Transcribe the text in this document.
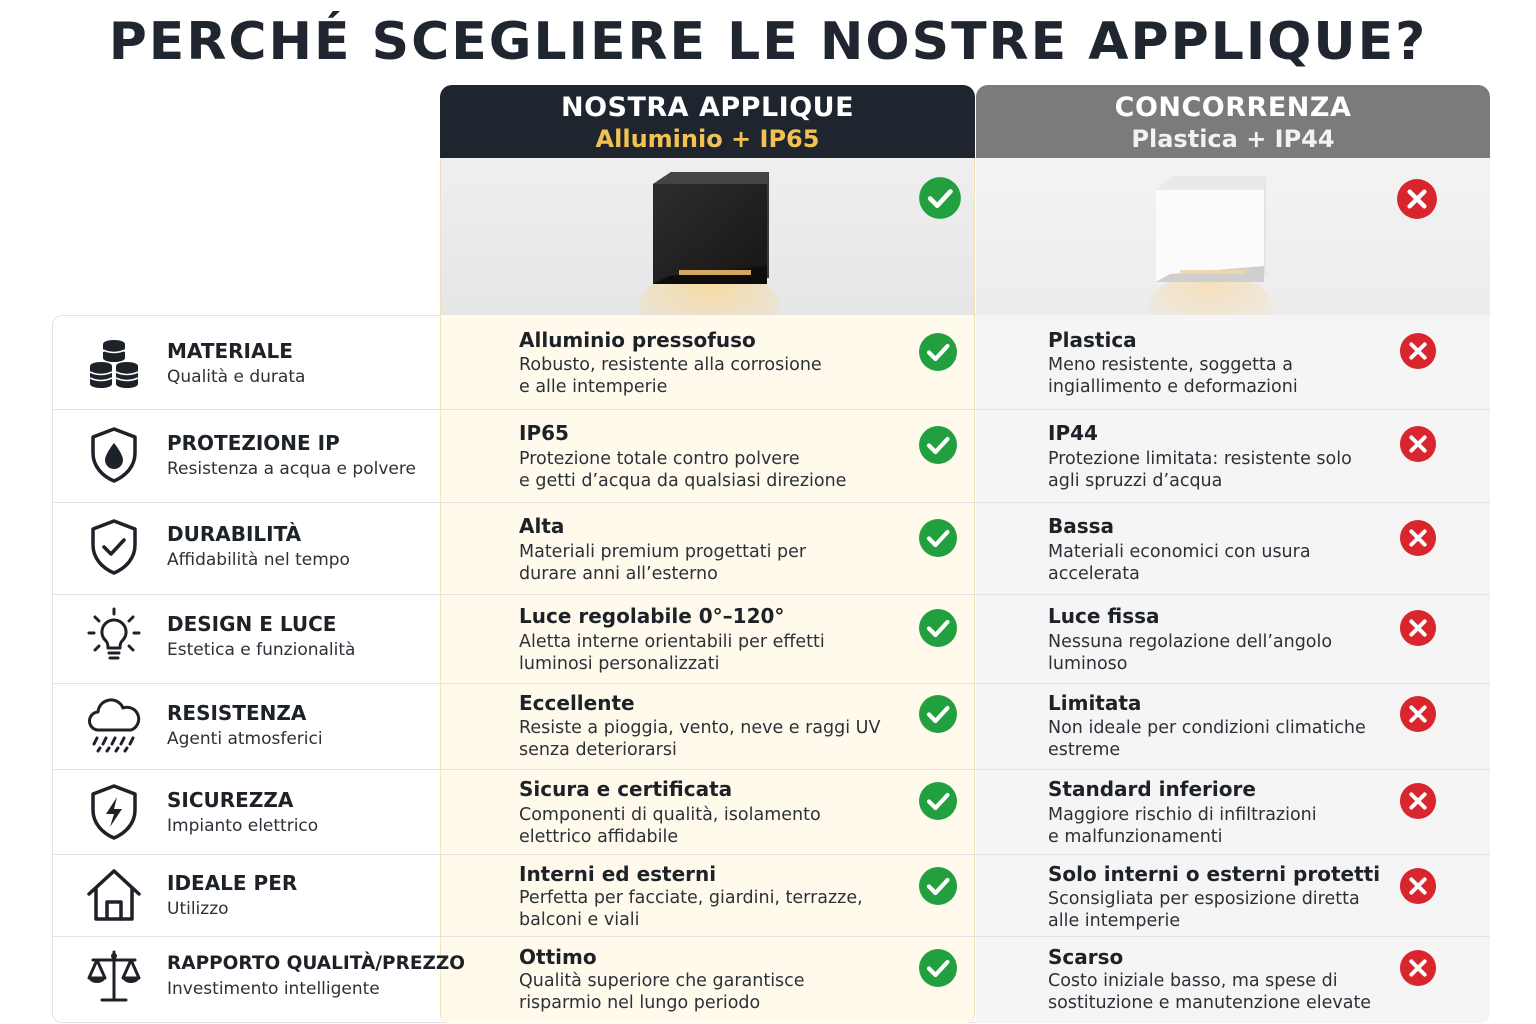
PERCHÉ SCEGLIERE LE NOSTRE APPLIQUE?
NOSTRA APPLIQUE
Alluminio + IP65
CONCORRENZA
Plastica + IP44
MATERIALE
Qualità e durata
Alluminio pressofuso
Robusto, resistente alla corrosione
e alle intemperie
Plastica
Meno resistente, soggetta a
ingiallimento e deformazioni
PROTEZIONE IP
Resistenza a acqua e polvere
IP65
Protezione totale contro polvere
e getti d’acqua da qualsiasi direzione
IP44
Protezione limitata: resistente solo
agli spruzzi d’acqua
DURABILITÀ
Affidabilità nel tempo
Alta
Materiali premium progettati per
durare anni all’esterno
Bassa
Materiali economici con usura
accelerata
DESIGN E LUCE
Estetica e funzionalità
Luce regolabile 0°–120°
Aletta interne orientabili per effetti
luminosi personalizzati
Luce fissa
Nessuna regolazione dell’angolo
luminoso
RESISTENZA
Agenti atmosferici
Eccellente
Resiste a pioggia, vento, neve e raggi UV
senza deteriorarsi
Limitata
Non ideale per condizioni climatiche
estreme
SICUREZZA
Impianto elettrico
Sicura e certificata
Componenti di qualità, isolamento
elettrico affidabile
Standard inferiore
Maggiore rischio di infiltrazioni
e malfunzionamenti
IDEALE PER
Utilizzo
Interni ed esterni
Perfetta per facciate, giardini, terrazze,
balconi e viali
Solo interni o esterni protetti
Sconsigliata per esposizione diretta
alle intemperie
RAPPORTO QUALITÀ/PREZZO
Investimento intelligente
Ottimo
Qualità superiore che garantisce
risparmio nel lungo periodo
Scarso
Costo iniziale basso, ma spese di
sostituzione e manutenzione elevate
